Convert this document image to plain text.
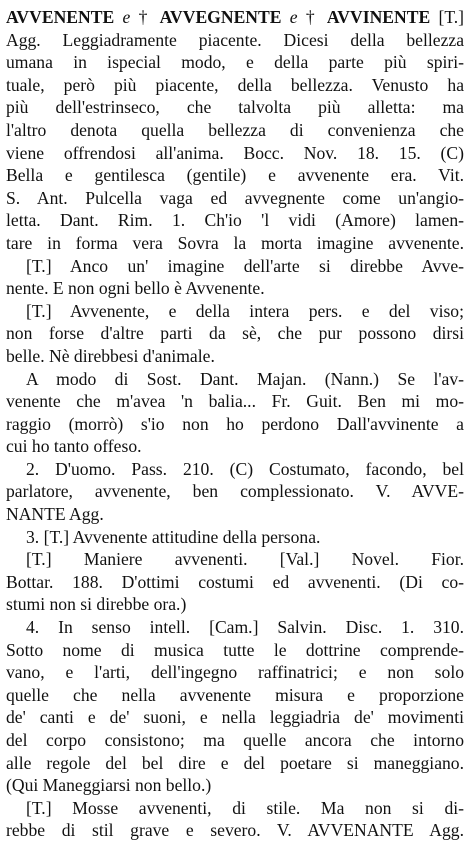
AVVENENTE e † AVVEGNENTE e † AVVINENTE [T.]
Agg. Leggiadramente piacente. Dicesi della bellezza
umana in ispecial modo, e della parte più spiri-
tuale, però più piacente, della bellezza. Venusto ha
più dell'estrinseco, che talvolta più alletta: ma
l'altro denota quella bellezza di convenienza che
viene offrendosi all'anima. Bocc. Nov. 18. 15. (C)
Bella e gentilesca (gentile) e avvenente era. Vit.
S. Ant. Pulcella vaga ed avvegnente come un'angio-
letta. Dant. Rim. 1. Ch'io 'l vidi (Amore) lamen-
tare in forma vera Sovra la morta imagine avvenente.
[T.] Anco un' imagine dell'arte si direbbe Avve-
nente. E non ogni bello è Avvenente.
[T.] Avvenente, e della intera pers. e del viso;
non forse d'altre parti da sè, che pur possono dirsi
belle. Nè direbbesi d'animale.
A modo di Sost. Dant. Majan. (Nann.) Se l'av-
venente che m'avea 'n balia... Fr. Guit. Ben mi mo-
raggio (morrò) s'io non ho perdono Dall'avvinente a
cui ho tanto offeso.
2. D'uomo. Pass. 210. (C) Costumato, facondo, bel
parlatore, avvenente, ben complessionato. V. AVVE-
NANTE Agg.
3. [T.] Avvenente attitudine della persona.
[T.] Maniere avvenenti. [Val.] Novel. Fior.
Bottar. 188. D'ottimi costumi ed avvenenti. (Di co-
stumi non si direbbe ora.)
4. In senso intell. [Cam.] Salvin. Disc. 1. 310.
Sotto nome di musica tutte le dottrine comprende-
vano, e l'arti, dell'ingegno raffinatrici; e non solo
quelle che nella avvenente misura e proporzione
de' canti e de' suoni, e nella leggiadria de' movimenti
del corpo consistono; ma quelle ancora che intorno
alle regole del bel dire e del poetare si maneggiano.
(Qui Maneggiarsi non bello.)
[T.] Mosse avvenenti, di stile. Ma non si di-
rebbe di stil grave e severo. V. AVVENANTE Agg.
